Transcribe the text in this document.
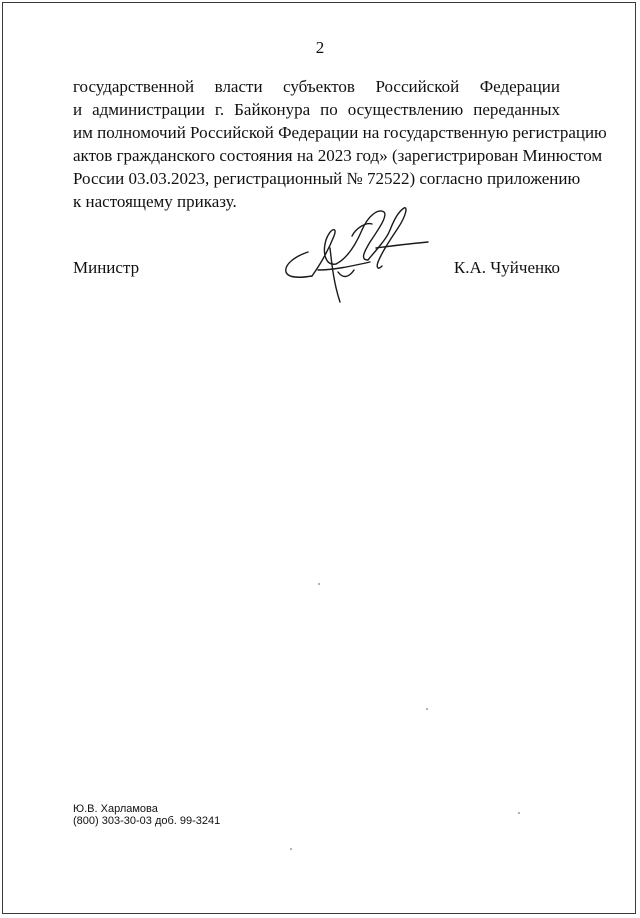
2
государственной власти субъектов Российской Федерации
и администрации г. Байконура по осуществлению переданных
им полномочий Российской Федерации на государственную регистрацию
актов гражданского состояния на 2023 год» (зарегистрирован Минюстом
России 03.03.2023, регистрационный № 72522) согласно приложению
к настоящему приказу.
Министр	К.А. Чуйченко
Ю.В. Харламова
(800) 303-30-03 доб. 99-3241
